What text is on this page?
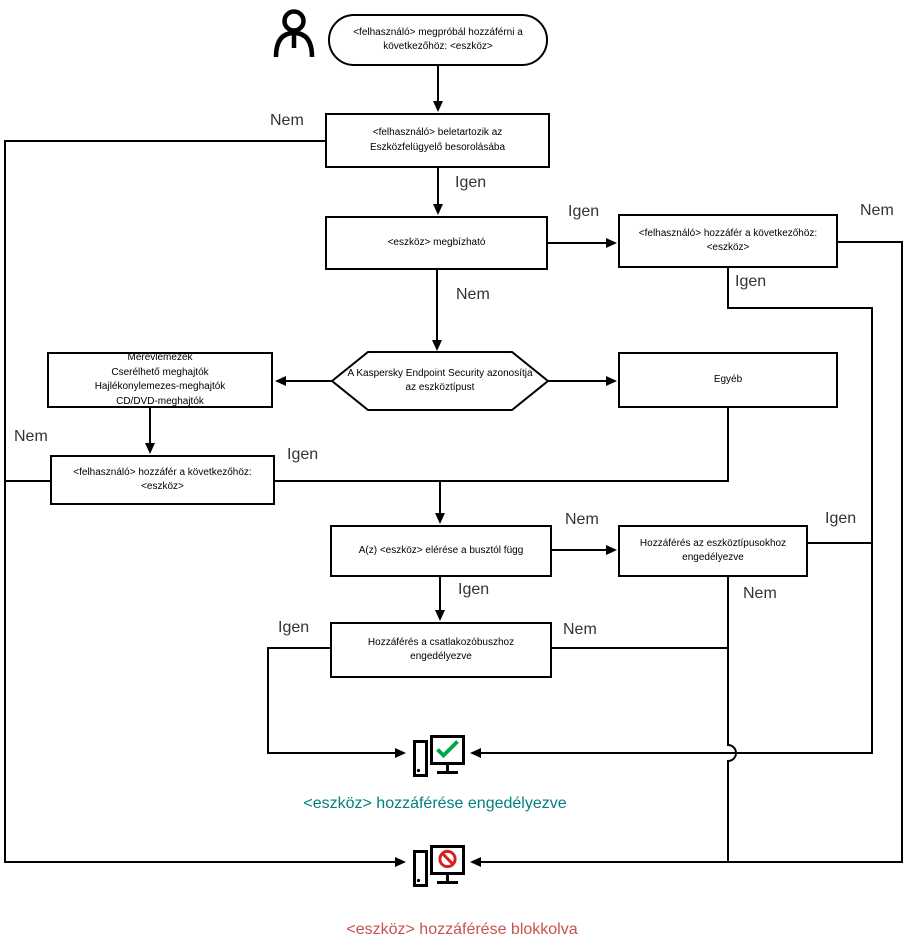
<felhasználó> megpróbál hozzáférni a
következőhöz: <eszköz>
<felhasználó> beletartozik az
Eszközfelügyelő besorolásába
<eszköz> megbízható
<felhasználó> hozzáfér a következőhöz:
<eszköz>
A Kaspersky Endpoint Security azonosítja
az eszköztípust
Merevlemezek
Cserélhető meghajtók
Hajlékonylemezes-meghajtók
CD/DVD-meghajtók
Egyéb
<felhasználó> hozzáfér a következőhöz:
<eszköz>
A(z) <eszköz> elérése a busztól függ
Hozzáférés az eszköztípusokhoz
engedélyezve
Hozzáférés a csatlakozóbuszhoz
engedélyezve
Nem
Igen
Igen	Nem
Igen
Nem
Nem
Igen
Nem	Igen
Igen	Nem
Igen	Nem
<eszköz> hozzáférése engedélyezve
<eszköz> hozzáférése blokkolva
